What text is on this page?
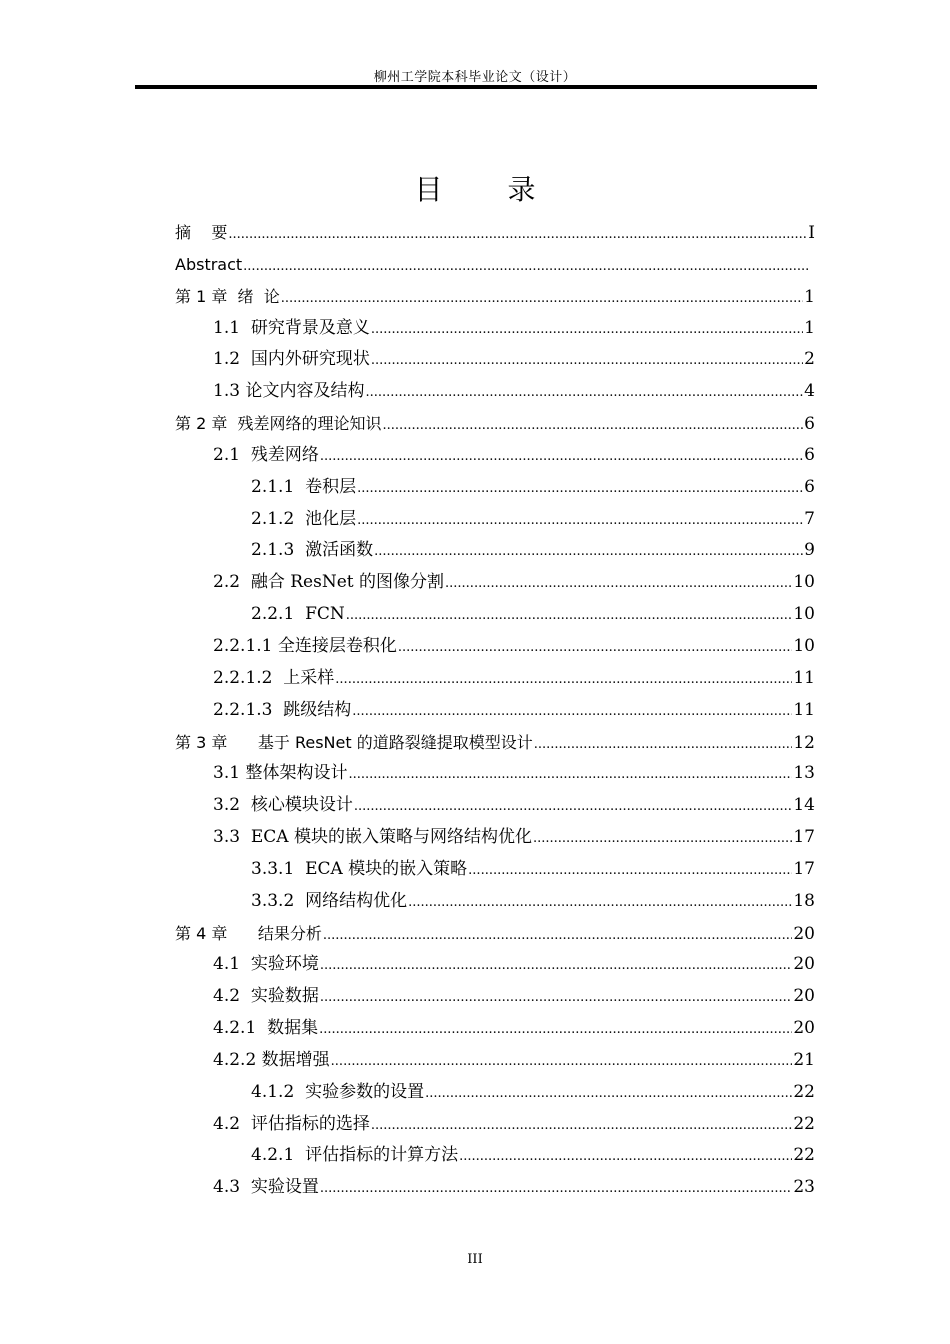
柳州工学院本科毕业论文（设计）
目 录
摘    要 .....	I
Abstract
.....
第 1 章  绪  论 .....	1
1.1  研究背景及意义 .....	1
1.2  国内外研究现状 .....	2
1.3 论文内容及结构 .....	4
第 2 章  残差网络的理论知识 .....	6
2.1  残差网络 .....	6
2.1.1  卷积层 .....	6
2.1.2  池化层 .....	7
2.1.3  激活函数 .....	9
2.2  融合 ResNet 的图像分割 .....	10
2.2.1  FCN .....	10
2.2.1.1 全连接层卷积化 .....	10
2.2.1.2  上采样 .....	11
2.2.1.3  跳级结构 .....	11
第 3 章      基于 ResNet 的道路裂缝提取模型设计 .....	12
3.1 整体架构设计 .....	13
3.2  核心模块设计 .....	14
3.3  ECA 模块的嵌入策略与网络结构优化 .....	17
3.3.1  ECA 模块的嵌入策略 .....	17
3.3.2  网络结构优化 .....	18
第 4 章      结果分析 .....	20
4.1  实验环境 .....	20
4.2  实验数据 .....	20
4.2.1  数据集 .....	20
4.2.2 数据增强 .....	21
4.1.2  实验参数的设置 .....	22
4.2  评估指标的选择 .....	22
4.2.1  评估指标的计算方法 .....	22
4.3  实验设置 .....	23
III
